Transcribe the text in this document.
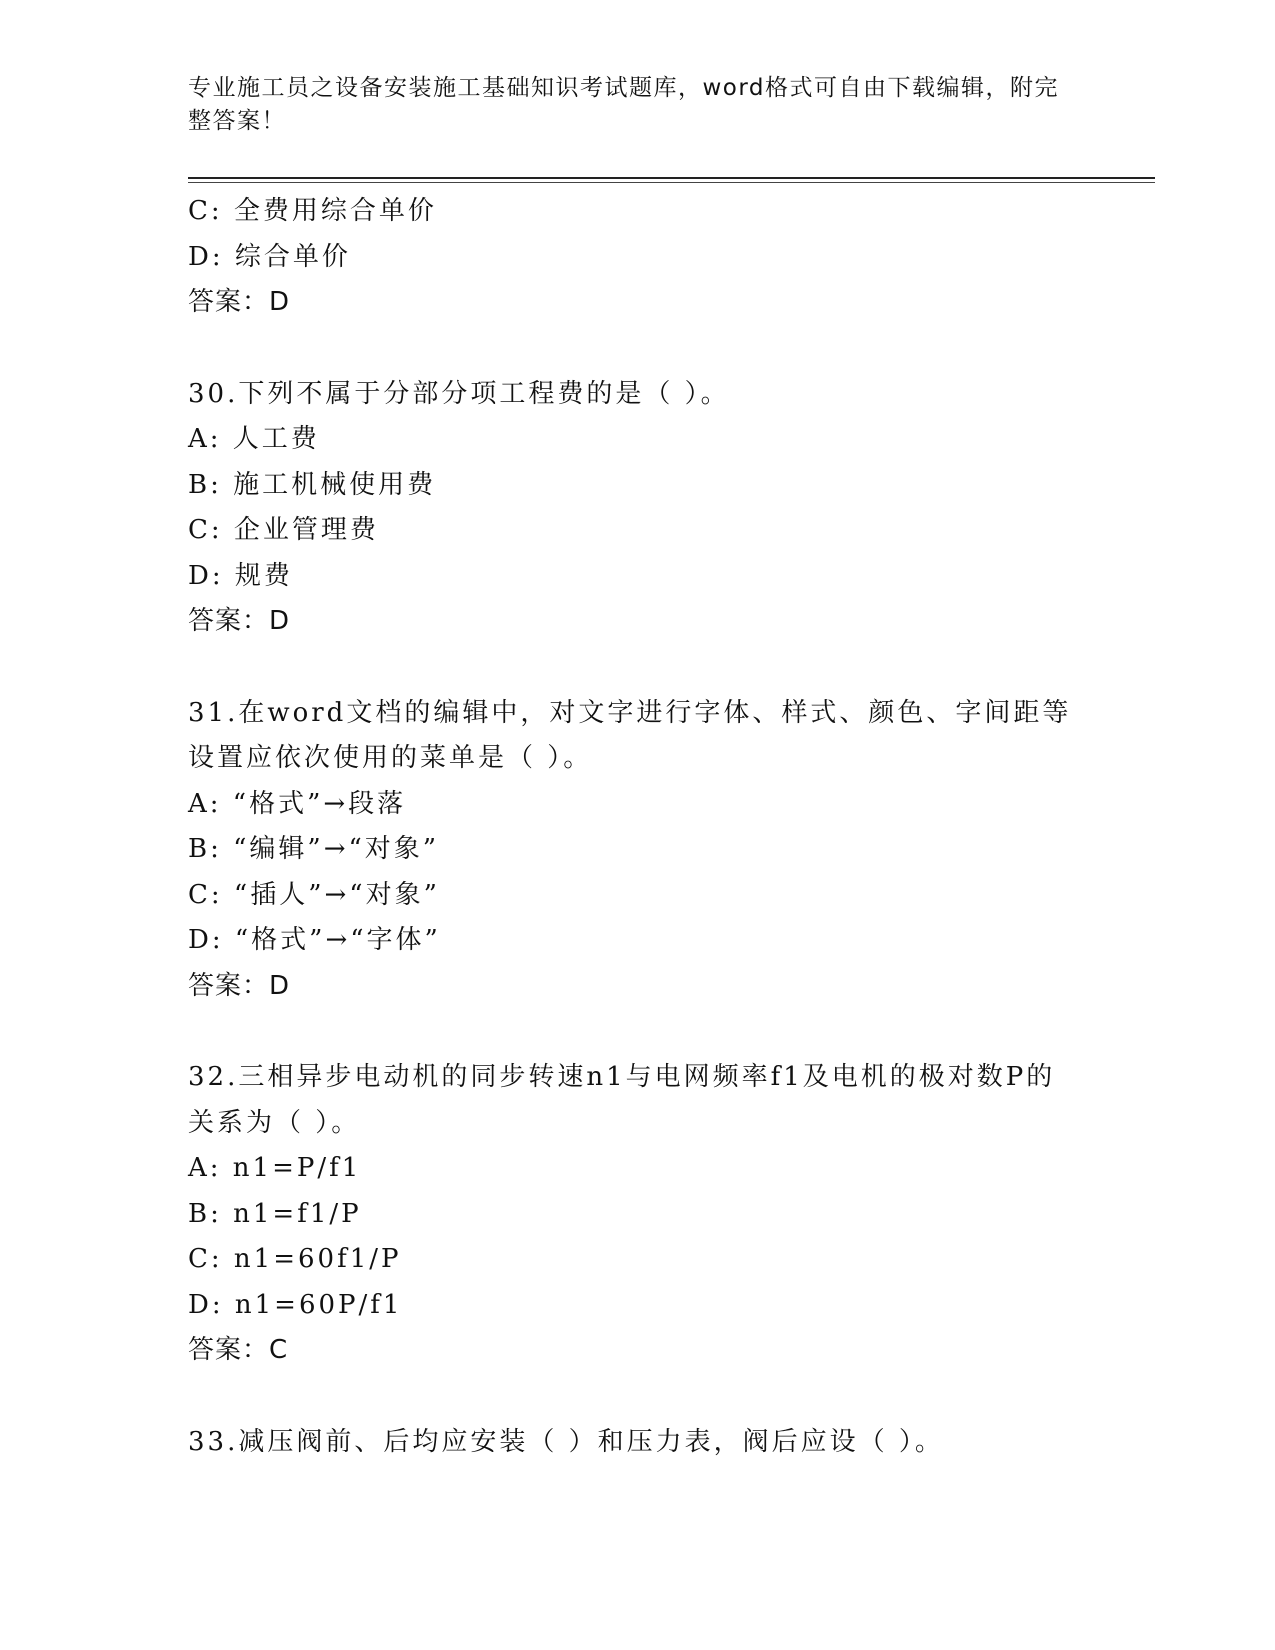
专业施工员之设备安装施工基础知识考试题库，word格式可自由下载编辑，附完整答案！
C: 全费用综合单价
D: 综合单价
答案：D
30.下列不属于分部分项工程费的是（ ）。
A: 人工费
B: 施工机械使用费
C: 企业管理费
D: 规费
答案：D
31.在word文档的编辑中，对文字进行字体、样式、颜色、字间距等设置应依次使用的菜单是（ ）。
A: “格式”→段落
B: “编辑”→“对象”
C: “插人”→“对象”
D: “格式”→“字体”
答案：D
32.三相异步电动机的同步转速n1与电网频率f1及电机的极对数P的关系为（ ）。
A: n1=P/f1
B: n1=f1/P
C: n1=60f1/P
D: n1=60P/f1
答案：C
33.减压阀前、后均应安装（ ）和压力表，阀后应设（ ）。
